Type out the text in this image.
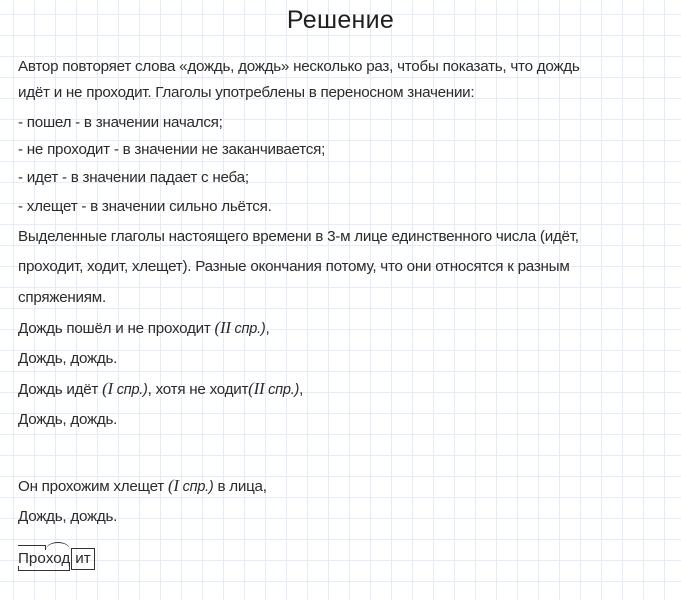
Решение
Автор повторяет слова «дождь, дождь» несколько раз, чтобы показать, что дождь
идёт и не проходит. Глаголы употреблены в переносном значении:
- пошел - в значении начался;
- не проходит - в значении не заканчивается;
- идет - в значении падает с неба;
- хлещет - в значении сильно льётся.
Выделенные глаголы настоящего времени в 3-м лице единственного числа (идёт,
проходит, ходит, хлещет). Разные окончания потому, что они относятся к разным
спряжениям.
Дождь пошёл и не проходит (II спр.),
Дождь, дождь.
Дождь идёт (I спр.), хотя не ходит(II спр.),
Дождь, дождь.
Он прохожим хлещет (I спр.) в лица,
Дождь, дождь.
Про
ход ит
